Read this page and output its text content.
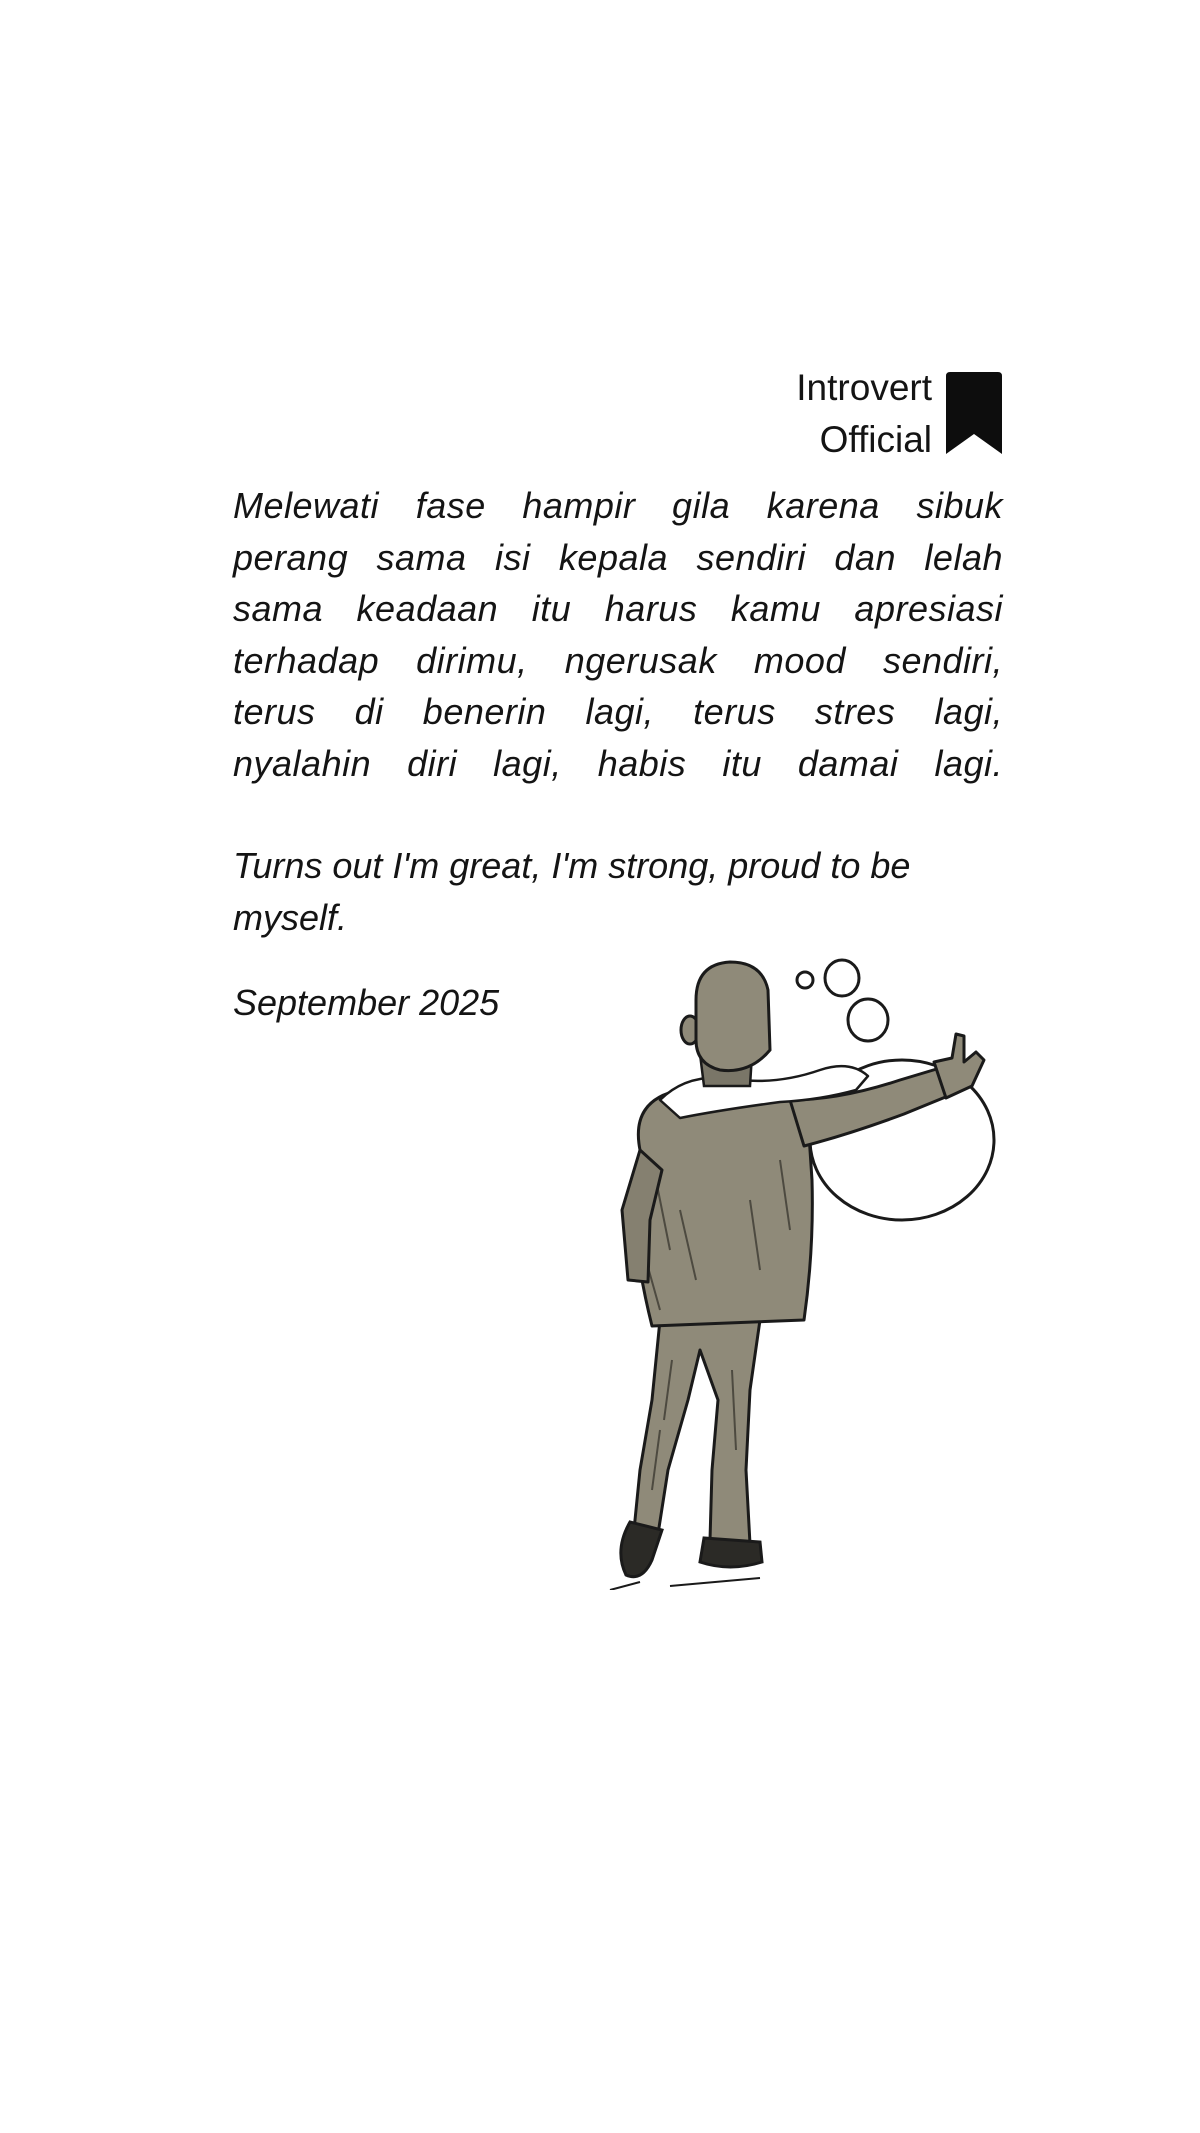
Introvert
Official
Melewati fase hampir gila karena sibuk
perang sama isi kepala sendiri dan lelah
sama keadaan itu harus kamu apresiasi
terhadap dirimu, ngerusak mood sendiri,
terus di benerin lagi, terus stres lagi,
nyalahin diri lagi, habis itu damai lagi.

Turns out I'm great, I'm strong, proud to be myself.

September 2025
